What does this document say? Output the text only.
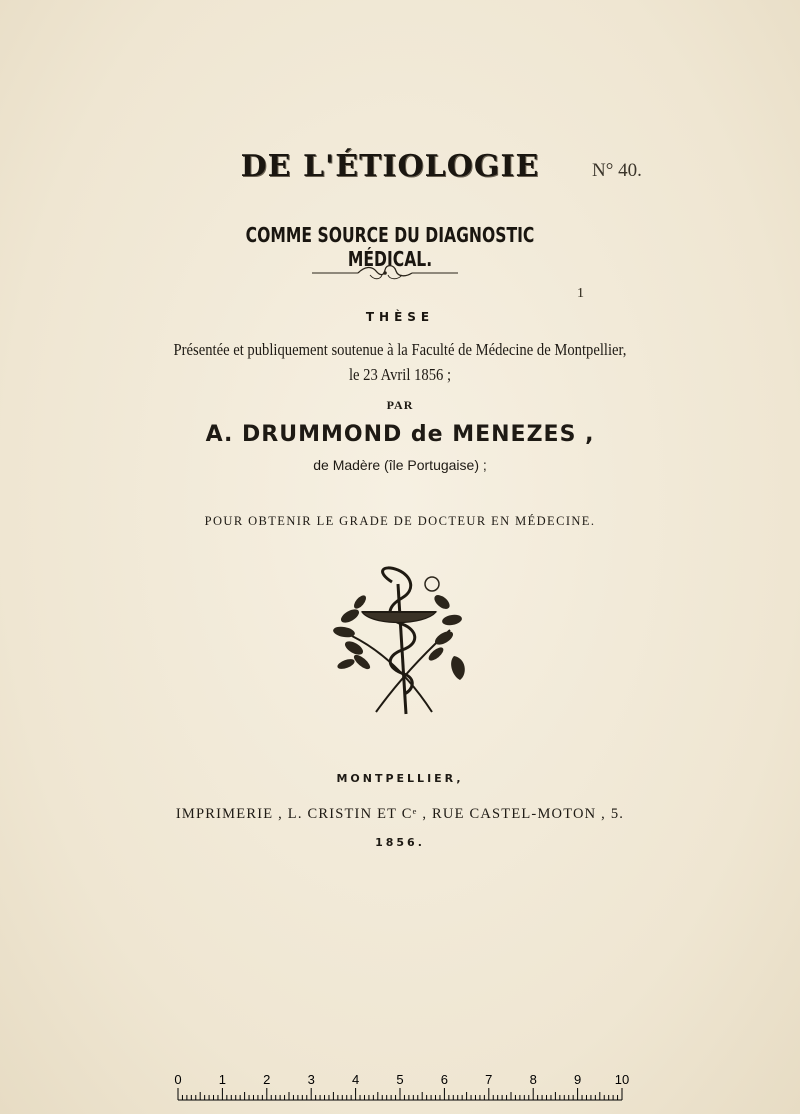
N° 40.
1
DE L'ÉTIOLOGIE
COMME SOURCE DU DIAGNOSTIC MÉDICAL.
THÈSE
Présentée et publiquement soutenue à la Faculté de Médecine de Montpellier,
le 23 Avril 1856 ;
PAR
A. DRUMMOND de MENEZES ,
de Madère (île Portugaise) ;
POUR OBTENIR LE GRADE DE DOCTEUR EN MÉDECINE.
MONTPELLIER,
IMPRIMERIE , L. CRISTIN ET Cᵉ , RUE CASTEL-MOTON , 5.
1856.
0	1	2	3	4	5	6	7	8	9	10
